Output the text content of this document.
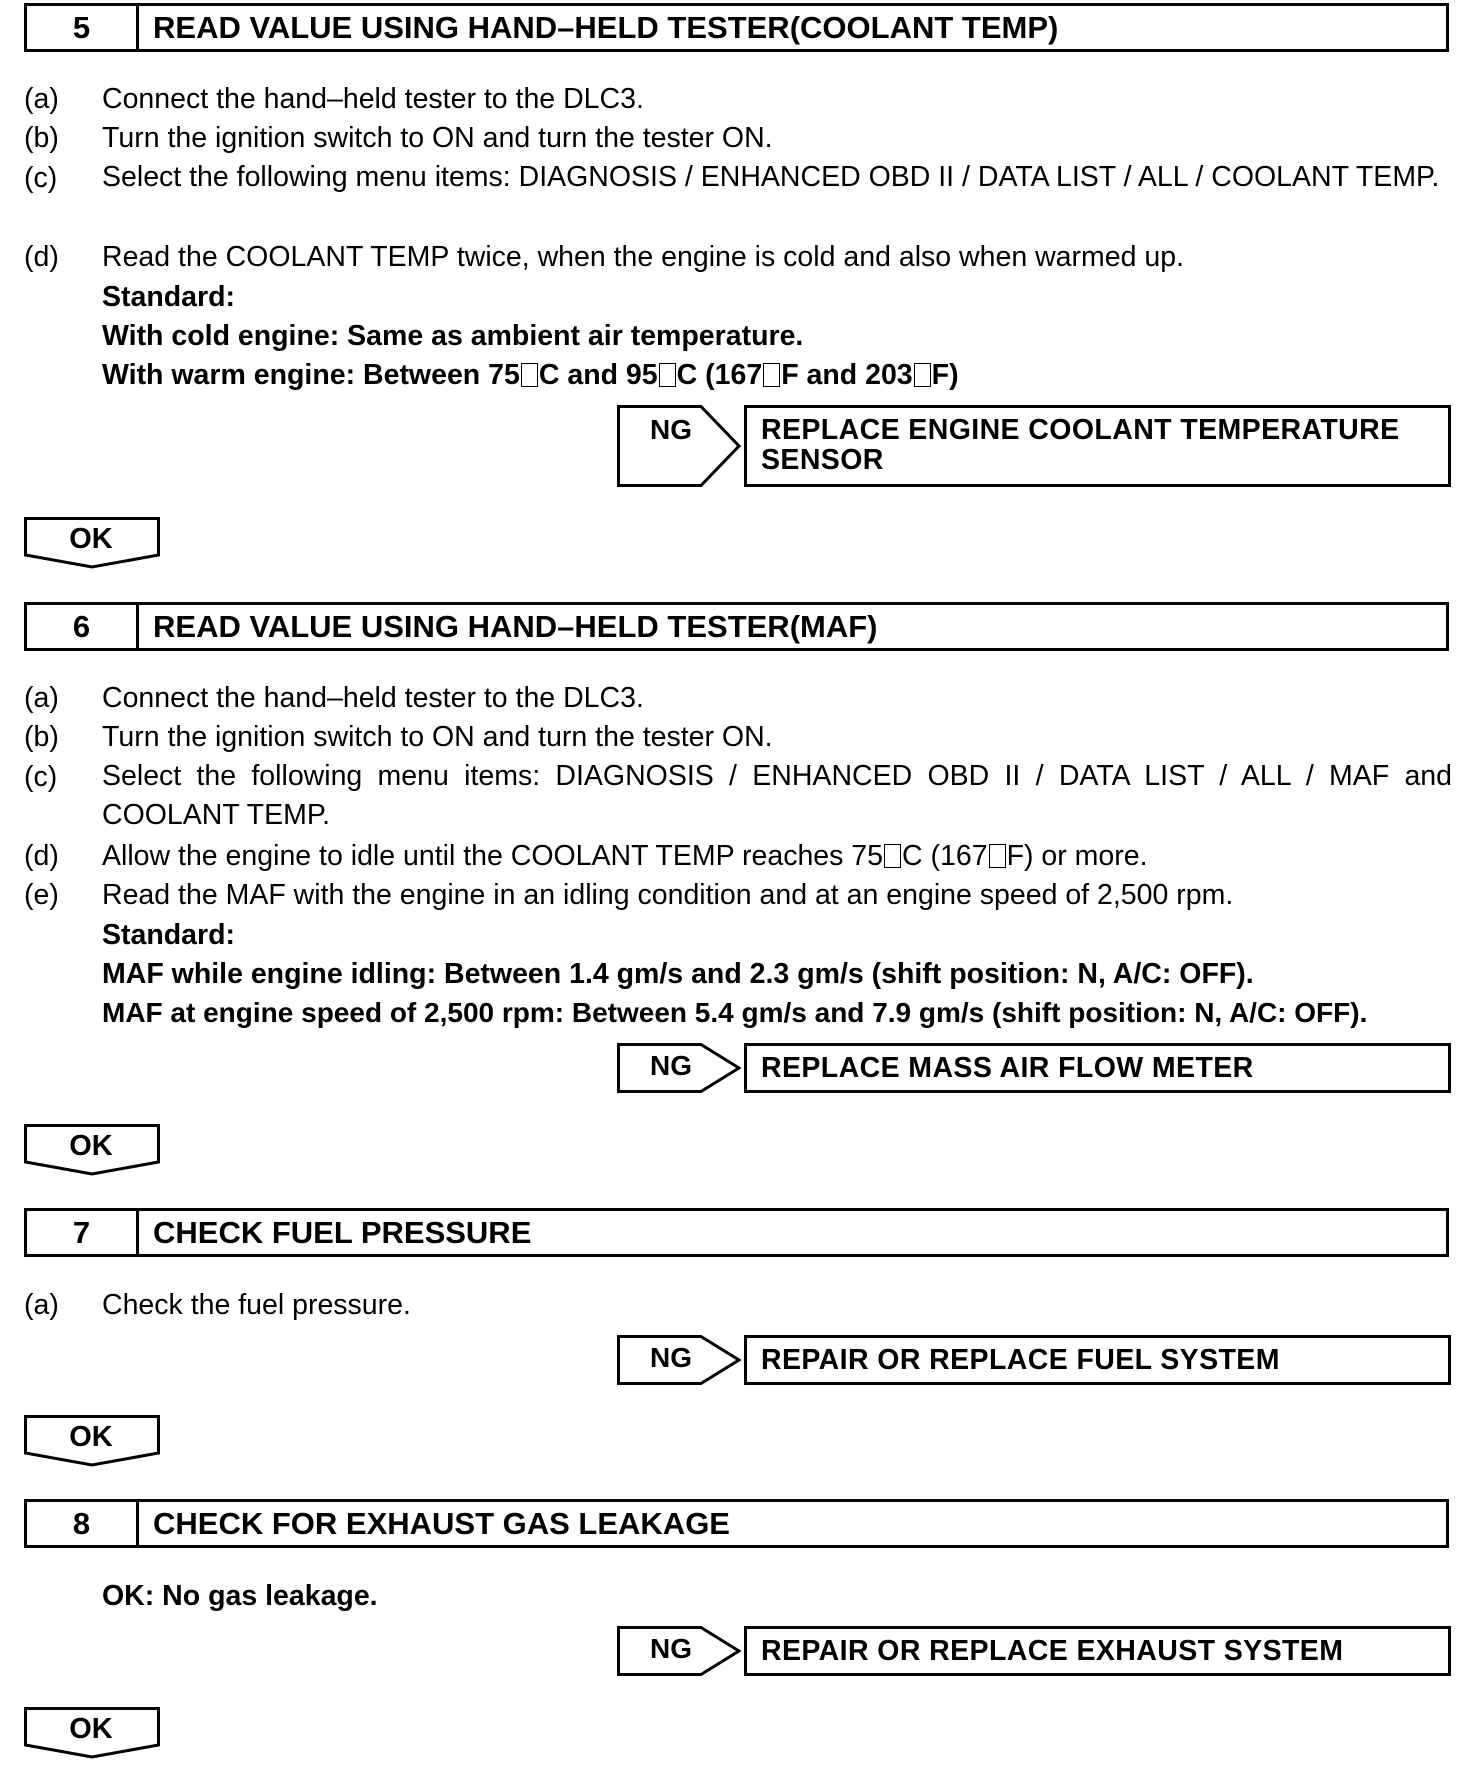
5	READ VALUE USING HAND–HELD TESTER(COOLANT TEMP)
(a) Connect the hand–held tester to the DLC3.
(b) Turn the ignition switch to ON and turn the tester ON.
(c) Select the following menu items: DIAGNOSIS / ENHANCED OBD II / DATA LIST / ALL / COOLANT TEMP.
(d) Read the COOLANT TEMP twice, when the engine is cold and also when warmed up.
Standard:
With cold engine: Same as ambient air temperature.
With warm engine: Between 75 C and 95 C (167 F and 203 F)
NG	REPLACE ENGINE COOLANT TEMPERATURE SENSOR
OK
6	READ VALUE USING HAND–HELD TESTER(MAF)
(a) Connect the hand–held tester to the DLC3.
(b) Turn the ignition switch to ON and turn the tester ON.
(c) Select the following menu items: DIAGNOSIS / ENHANCED OBD II / DATA LIST / ALL / MAF and COOLANT TEMP.
(d) Allow the engine to idle until the COOLANT TEMP reaches 75 C (167 F) or more.
(e) Read the MAF with the engine in an idling condition and at an engine speed of 2,500 rpm.
Standard:
MAF while engine idling: Between 1.4 gm/s and 2.3 gm/s (shift position: N, A/C: OFF).
MAF at engine speed of 2,500 rpm: Between 5.4 gm/s and 7.9 gm/s (shift position: N, A/C: OFF).
NG	REPLACE MASS AIR FLOW METER
OK
7	CHECK FUEL PRESSURE
(a) Check the fuel pressure.
NG	REPAIR OR REPLACE FUEL SYSTEM
OK
8	CHECK FOR EXHAUST GAS LEAKAGE
OK: No gas leakage.
NG	REPAIR OR REPLACE EXHAUST SYSTEM
OK
